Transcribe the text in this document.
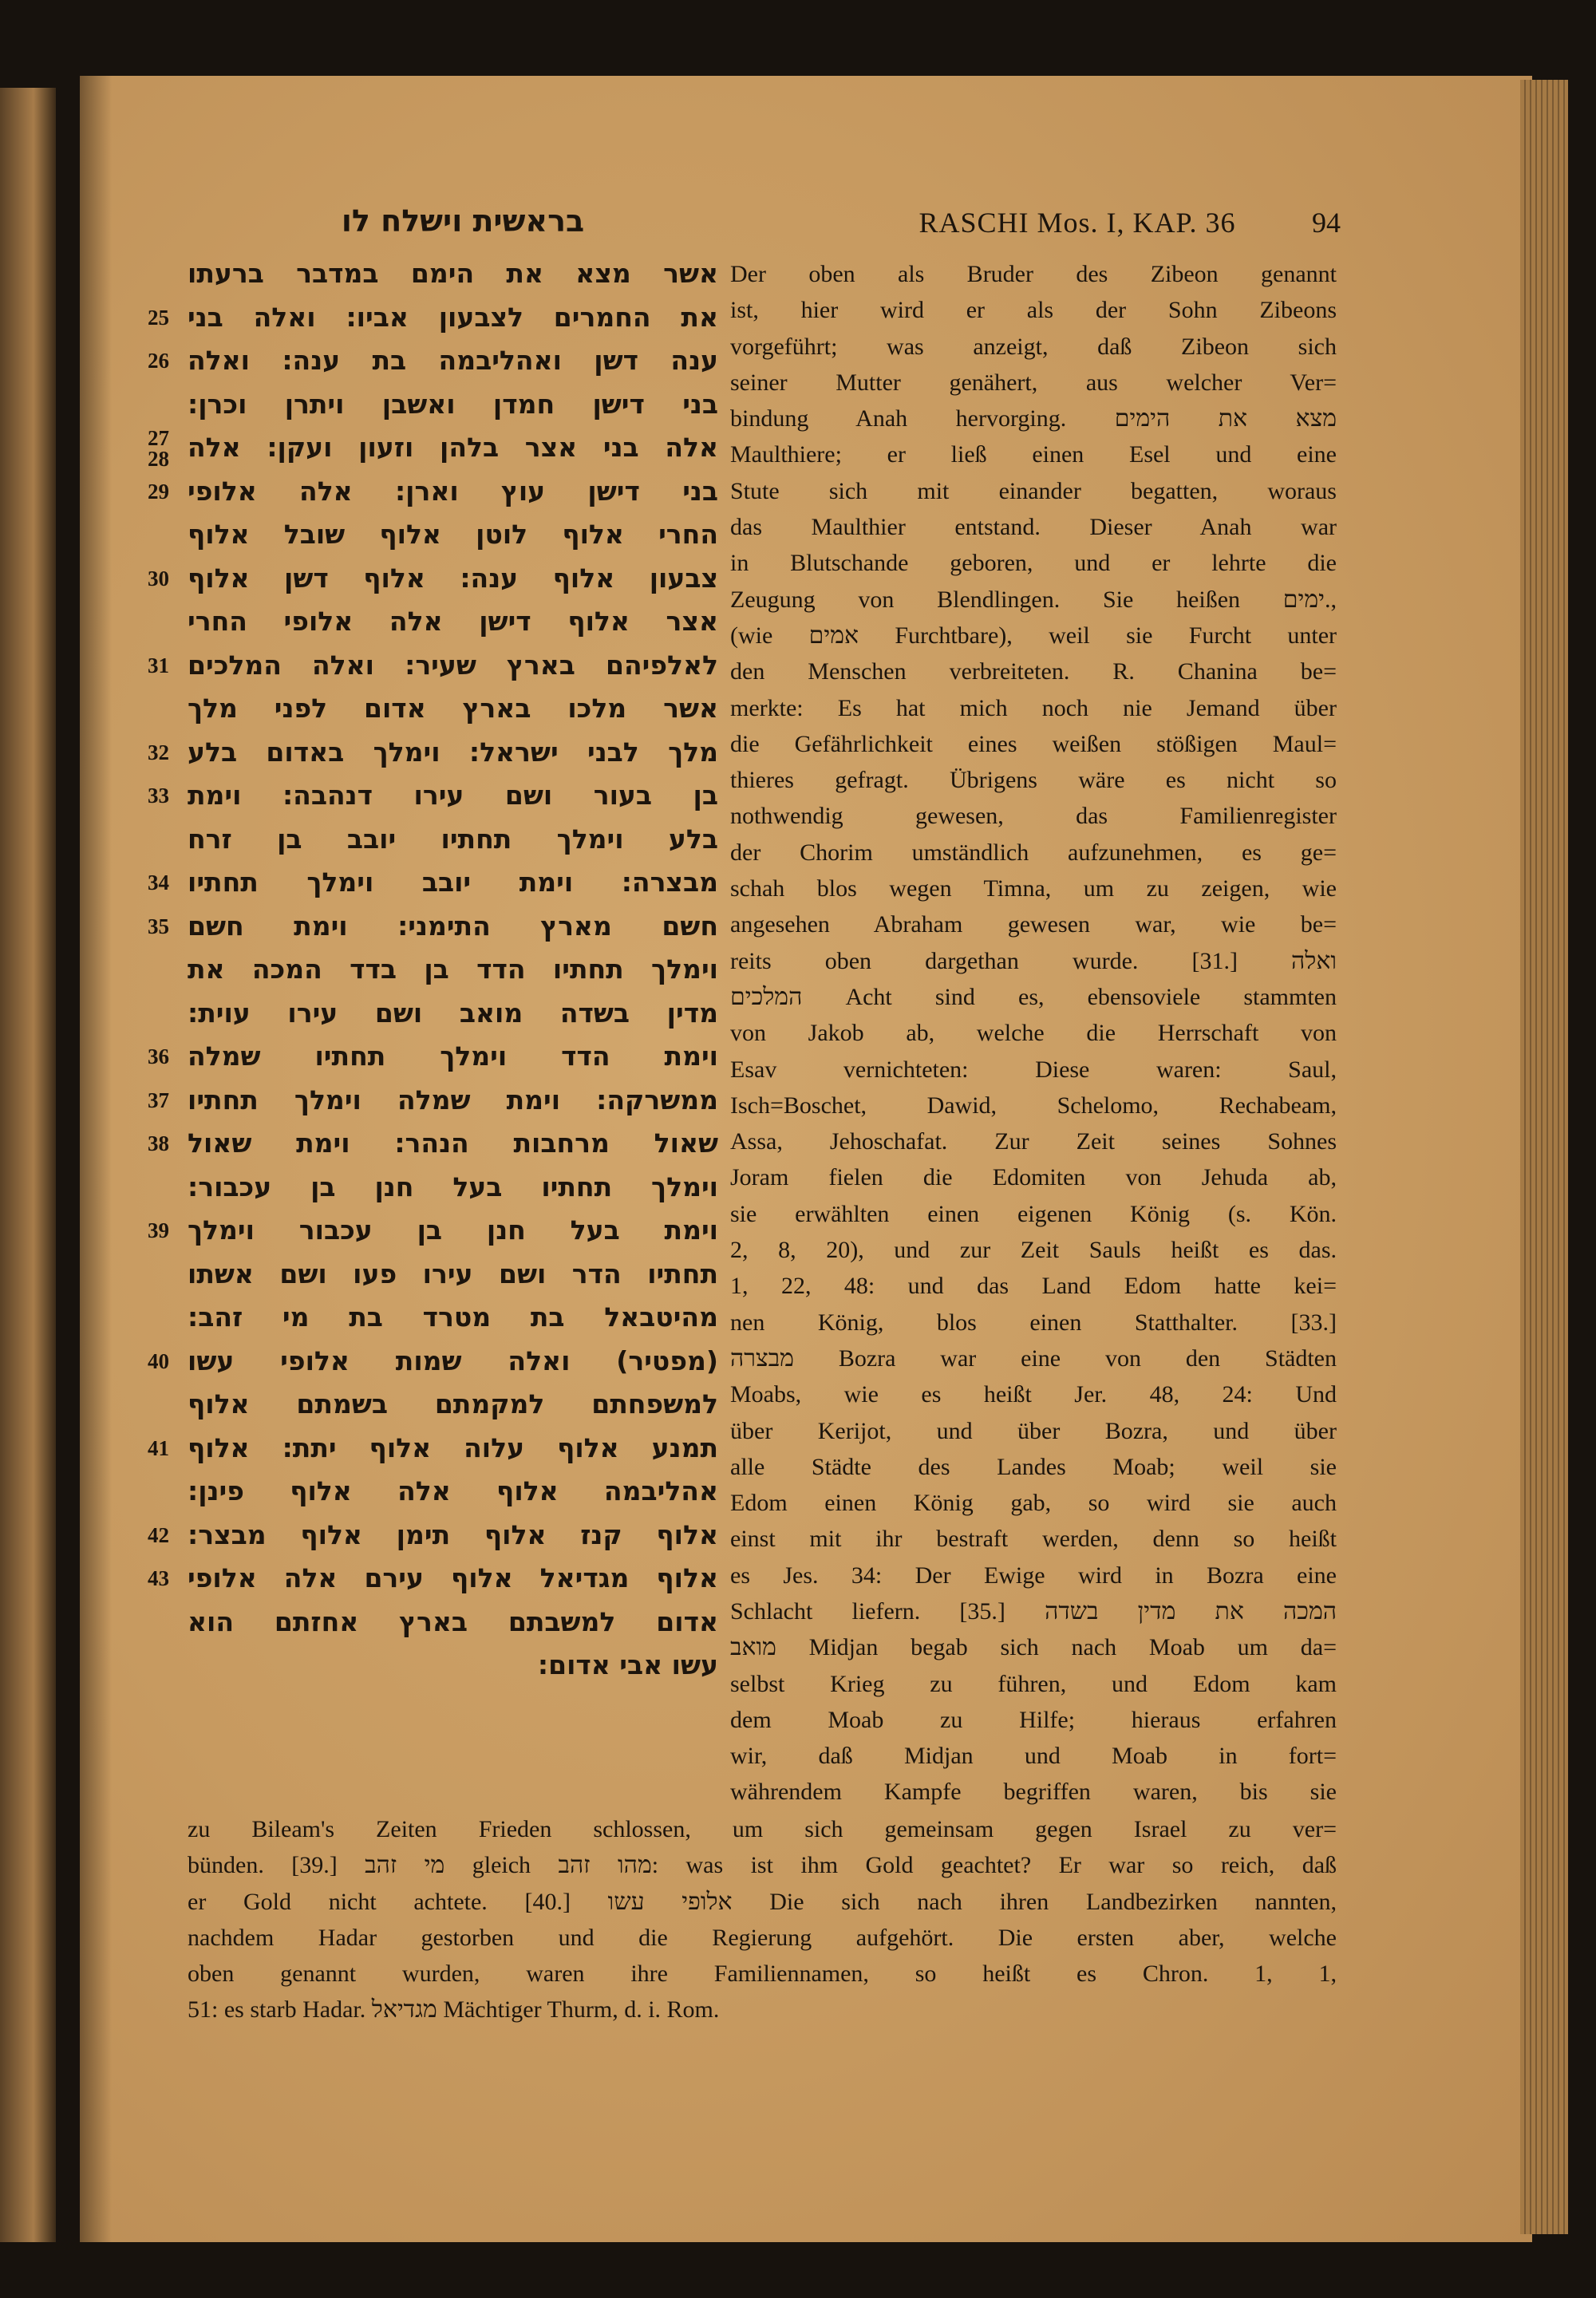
בראשית וישלח לו	RASCHI Mos. I, KAP. 36	94
אשר מצא את הימם במדבר ברעתו
25 את החמרים לצבעון אביו: ואלה בני
26 ענה דשן ואהליבמה בת ענה: ואלה
בני דישן חמדן ואשבן ויתרן וכרן:
27
28 אלה בני אצר בלהן וזעון ועקן: אלה
29 בני דישן עוץ וארן: אלה אלופי
החרי אלוף לוטן אלוף שובל אלוף
30 צבעון אלוף ענה: אלוף דשן אלוף
אצר אלוף דישן אלה אלופי החרי
31 לאלפיהם בארץ שעיר: ואלה המלכים
אשר מלכו בארץ אדום לפני מלך
32 מלך לבני ישראל: וימלך באדום בלע
33 בן בעור ושם עירו דנהבה: וימת
בלע וימלך תחתיו יובב בן זרח
34 מבצרה: וימת יובב וימלך תחתיו
35 חשם מארץ התימני: וימת חשם
וימלך תחתיו הדד בן בדד המכה את
מדין בשדה מואב ושם עירו עוית:
36 וימת הדד וימלך תחתיו שמלה
37 ממשרקה: וימת שמלה וימלך תחתיו
38 שאול מרחבות הנהר: וימת שאול
וימלך תחתיו בעל חנן בן עכבור:
39 וימת בעל חנן בן עכבור וימלך
תחתיו הדר ושם עירו פעו ושם אשתו
מהיטבאל בת מטרד בת מי זהב:
40 (מפטיר) ואלה שמות אלופי עשו
למשפחתם למקמתם בשמתם אלוף
41 תמנע אלוף עלוה אלוף יתת: אלוף
אהליבמה אלוף אלה אלוף פינן:
42 אלוף קנז אלוף תימן אלוף מבצר:
43 אלוף מגדיאל אלוף עירם אלה אלופי
אדום למשבתם בארץ אחזתם הוא
עשו אבי אדום:
Der oben als Bruder des Zibeon genannt
ist, hier wird er als der Sohn Zibeons
vorgeführt; was anzeigt, daß Zibeon sich
seiner Mutter genähert, aus welcher Ver=
bindung Anah hervorging. מצא את הימים
Maulthiere; er ließ einen Esel und eine
Stute sich mit einander begatten, woraus
das Maulthier entstand. Dieser Anah war
in Blutschande geboren, und er lehrte die
Zeugung von Blendlingen. Sie heißen ימים.,
(wie אמים Furchtbare), weil sie Furcht unter
den Menschen verbreiteten. R. Chanina be=
merkte: Es hat mich noch nie Jemand über
die Gefährlichkeit eines weißen stößigen Maul=
thieres gefragt. Übrigens wäre es nicht so
nothwendig gewesen, das Familienregister
der Chorim umständlich aufzunehmen, es ge=
schah blos wegen Timna, um zu zeigen, wie
angesehen Abraham gewesen war, wie be=
reits oben dargethan wurde. [31.] ואלה
המלכים Acht sind es, ebensoviele stammten
von Jakob ab, welche die Herrschaft von
Esav vernichteten: Diese waren: Saul,
Isch=Boschet, Dawid, Schelomo, Rechabeam,
Assa, Jehoschafat. Zur Zeit seines Sohnes
Joram fielen die Edomiten von Jehuda ab,
sie erwählten einen eigenen König (s. Kön.
2, 8, 20), und zur Zeit Sauls heißt es das.
1, 22, 48: und das Land Edom hatte kei=
nen König, blos einen Statthalter. [33.]
מבצרה Bozra war eine von den Städten
Moabs, wie es heißt Jer. 48, 24: Und
über Kerijot, und über Bozra, und über
alle Städte des Landes Moab; weil sie
Edom einen König gab, so wird sie auch
einst mit ihr bestraft werden, denn so heißt
es Jes. 34: Der Ewige wird in Bozra eine
Schlacht liefern. [35.] המכה את מדין בשדה
מואב Midjan begab sich nach Moab um da=
selbst Krieg zu führen, und Edom kam
dem Moab zu Hilfe; hieraus erfahren
wir, daß Midjan und Moab in fort=
währendem Kampfe begriffen waren, bis sie
zu Bileam's Zeiten Frieden schlossen, um sich gemeinsam gegen Israel zu ver=
bünden. [39.] מי זהב gleich מהו זהב: was ist ihm Gold geachtet? Er war so reich, daß
er Gold nicht achtete. [40.] אלופי עשו Die sich nach ihren Landbezirken nannten,
nachdem Hadar gestorben und die Regierung aufgehört. Die ersten aber, welche
oben genannt wurden, waren ihre Familiennamen, so heißt es Chron. 1, 1,
51: es starb Hadar. מגדיאל Mächtiger Thurm, d. i. Rom.
